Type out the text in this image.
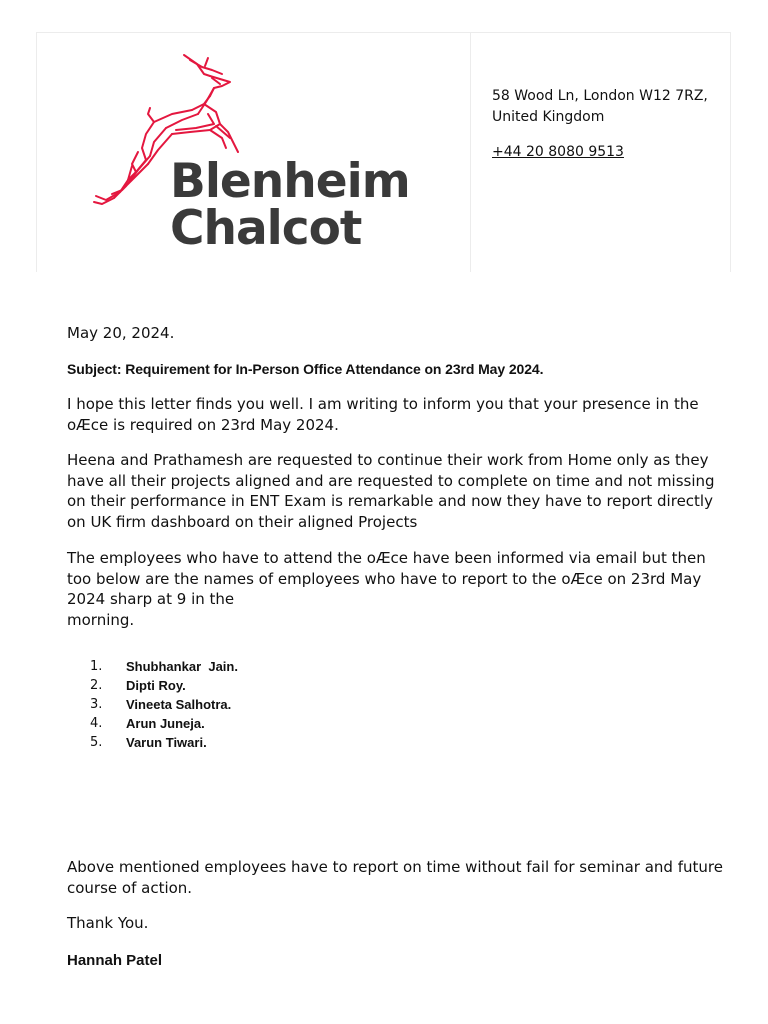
Blenheim
Chalcot
58 Wood Ln, London W12 7RZ, United Kingdom
+44 20 8080 9513
May 20, 2024.
Subject: Requirement for In-Person Office Attendance on 23rd May 2024.

I hope this letter finds you well. I am writing to inform you that your presence in the oÆce is required on 23rd May 2024.

Heena and Prathamesh are requested to continue their work from Home only as they have all their projects aligned and are requested to complete on time and not missing on their performance in ENT Exam is remarkable and now they have to report directly on UK firm dashboard on their aligned Projects

The employees who have to attend the oÆce have been informed via email but then too below are the names of employees who have to report to the oÆce on 23rd May 2024 sharp at 9 in the
morning.
1.	Shubhankar  Jain.
2.	Dipti Roy.
3.	Vineeta Salhotra.
4.	Arun Juneja.
5.	Varun Tiwari.

Above mentioned employees have to report on time without fail for seminar and future course of action.

Thank You.

Hannah Patel
